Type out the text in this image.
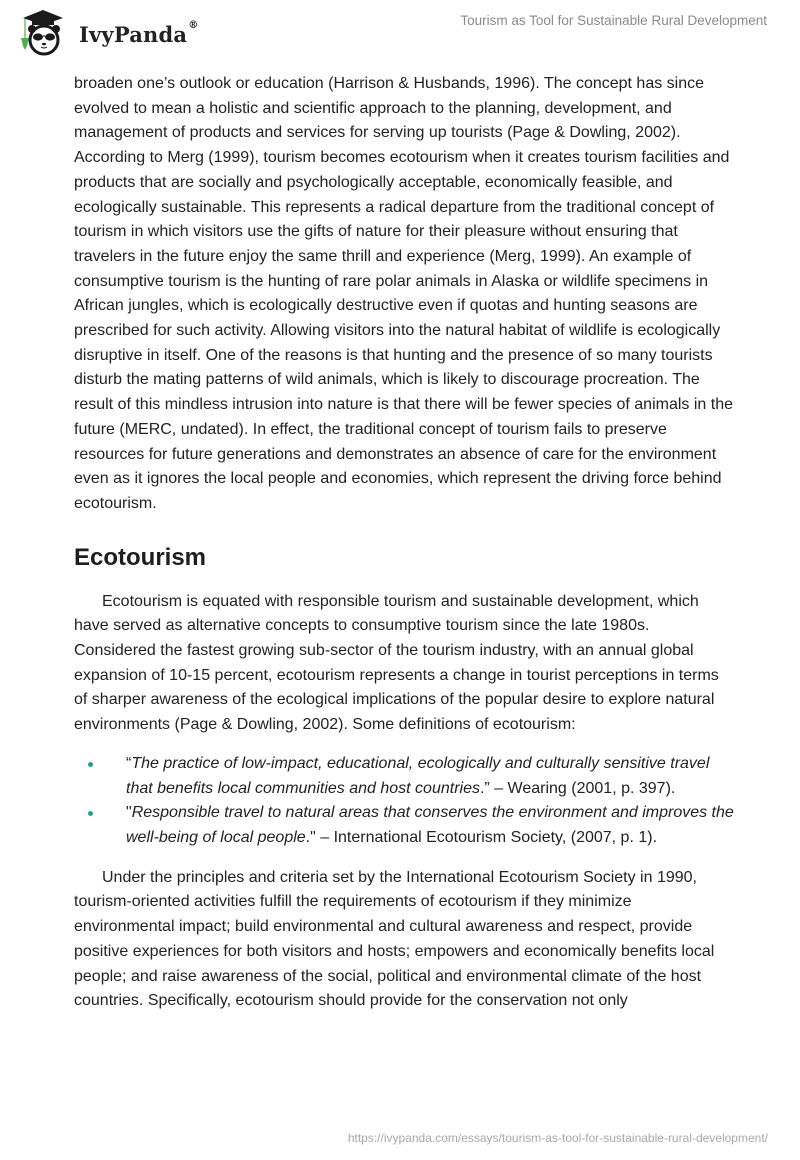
IvyPanda®	Tourism as Tool for Sustainable Rural Development

broaden one’s outlook or education (Harrison & Husbands, 1996). The concept has since evolved to mean a holistic and scientific approach to the planning, development, and management of products and services for serving up tourists (Page & Dowling, 2002). According to Merg (1999), tourism becomes ecotourism when it creates tourism facilities and products that are socially and psychologically acceptable, economically feasible, and ecologically sustainable. This represents a radical departure from the traditional concept of tourism in which visitors use the gifts of nature for their pleasure without ensuring that travelers in the future enjoy the same thrill and experience (Merg, 1999). An example of consumptive tourism is the hunting of rare polar animals in Alaska or wildlife specimens in African jungles, which is ecologically destructive even if quotas and hunting seasons are prescribed for such activity. Allowing visitors into the natural habitat of wildlife is ecologically disruptive in itself. One of the reasons is that hunting and the presence of so many tourists disturb the mating patterns of wild animals, which is likely to discourage procreation. The result of this mindless intrusion into nature is that there will be fewer species of animals in the future (MERC, undated). In effect, the traditional concept of tourism fails to preserve resources for future generations and demonstrates an absence of care for the environment even as it ignores the local people and economies, which represent the driving force behind ecotourism.

Ecotourism

Ecotourism is equated with responsible tourism and sustainable development, which have served as alternative concepts to consumptive tourism since the late 1980s. Considered the fastest growing sub-sector of the tourism industry, with an annual global expansion of 10-15 percent, ecotourism represents a change in tourist perceptions in terms of sharper awareness of the ecological implications of the popular desire to explore natural environments (Page & Dowling, 2002). Some definitions of ecotourism:

“The practice of low-impact, educational, ecologically and culturally sensitive travel that benefits local communities and host countries.” – Wearing (2001, p. 397).
"Responsible travel to natural areas that conserves the environment and improves the well-being of local people." – International Ecotourism Society, (2007, p. 1).

Under the principles and criteria set by the International Ecotourism Society in 1990, tourism-oriented activities fulfill the requirements of ecotourism if they minimize environmental impact; build environmental and cultural awareness and respect, provide positive experiences for both visitors and hosts; empowers and economically benefits local people; and raise awareness of the social, political and environmental climate of the host countries. Specifically, ecotourism should provide for the conservation not only

https://ivypanda.com/essays/tourism-as-tool-for-sustainable-rural-development/
